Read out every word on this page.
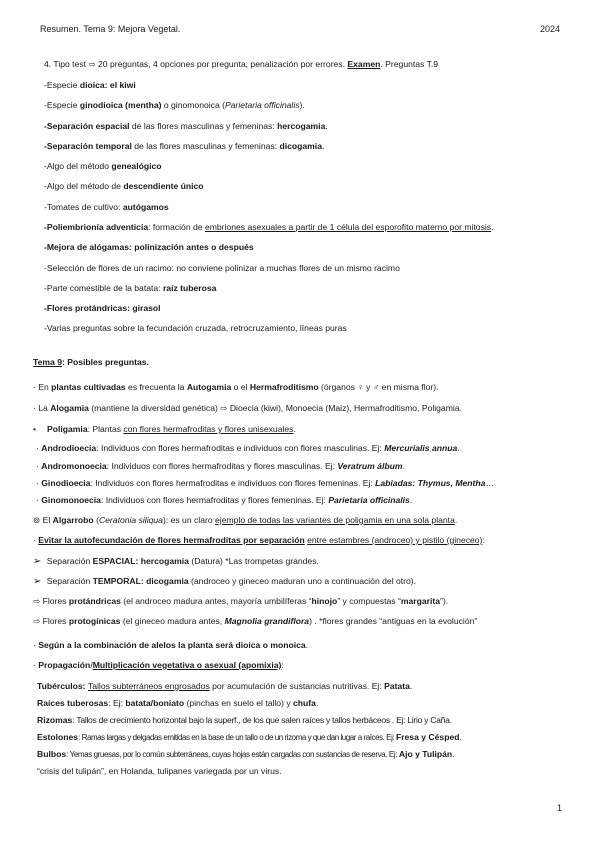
Resumen. Tema 9: Mejora Vegetal.	2024
4. Tipo test ⇨ 20 preguntas, 4 opciones por pregunta, penalización por errores. Examen. Preguntas T.9
-Especie dioica: el kiwi
-Especie ginodioica (mentha) o ginomonoica (Parietaria officinalis).
-Separación espacial de las flores masculinas y femeninas: hercogamia.
-Separación temporal de las flores masculinas y femeninas: dicogamia.
-Algo del método genealógico
-Algo del método de descendiente único
-Tomates de cultivo: autógamos
-Poliembrionía adventicia: formación de embriones asexuales a partir de 1 célula del esporofito materno por mitosis.
-Mejora de alógamas: polinización antes o después
-Selección de flores de un racimo: no conviene polinizar a muchas flores de un mismo racimo
-Parte comestible de la batata: raíz tuberosa
-Flores protándricas: girasol
-Varias preguntas sobre la fecundación cruzada, retrocruzamiento, líneas puras
Tema 9: Posibles preguntas.
· En plantas cultivadas es frecuenta la Autogamia o el Hermafroditismo (órganos ♀ y ♂ en misma flor).
· La Alogamia (mantiene la diversidad genética) ⇨ Dioecia (kiwi), Monoecia (Maiz), Hermafroditismo, Poligamia.
• Poligamia: Plantas con flores hermafroditas y flores unisexuales.
· Androdioecia: Individuos con flores hermafroditas e individuos con flores masculinas. Ej: Mercurialis annua.
· Andromonoecia: Individuos con flores hermafroditas y flores masculinas. Ej: Veratrum álbum.
· Ginodioecia: Individuos con flores hermafroditas e individuos con flores femeninas. Ej: Labiadas: Thymus, Mentha…
· Ginomonoecia: Individuos con flores hermafroditas y flores femeninas. Ej: Parietaria officinalis.
⊚ El Algarrobo (Ceratonia siliqua): es un claro ejemplo de todas las variantes de poligamia en una sola planta.
· Evitar la autofecundación de flores hermafroditas por separación entre estambres (androceo) y pistilo (gineceo):
➢ Separación ESPACIAL: hercogamia (Datura) *Las trompetas grandes.
➢ Separación TEMPORAL: dicogamia (androceo y gineceo maduran uno a continuación del otro).
⇨ Flores protándricas (el androceo madura antes, mayoría umbilíferas “hinojo” y compuestas “margarita”).
⇨ Flores protogínicas (el gineceo madura antes, Magnolia grandiflora) . *flores grandes “antiguas en la evolución”
· Según a la combinación de alelos la planta será dioica o monoica.
· Propagación/Multiplicación vegetativa o asexual (apomixia):
Tubérculos: Tallos subterráneos engrosados por acumulación de sustancias nutritivas. Ej: Patata.
Raíces tuberosas: Ej: batata/boniato (pinchas en suelo el tallo) y chufa.
Rizomas: Tallos de crecimiento horizontal bajo la superf., de los que salen raíces y tallos herbáceos . Ej: Lirio y Caña.
Estolones: Ramas largas y delgadas emitidas en la base de un tallo o de un rizoma y que dan lugar a raíces. Ej: Fresa y Césped.
Bulbos: Yemas gruesas, por lo común subterráneas, cuyas hojas están cargadas con sustancias de reserva. Ej: Ajo y Tulipán.
“crisis del tulipán”, en Holanda, tulipanes variegada por un virus.
1
